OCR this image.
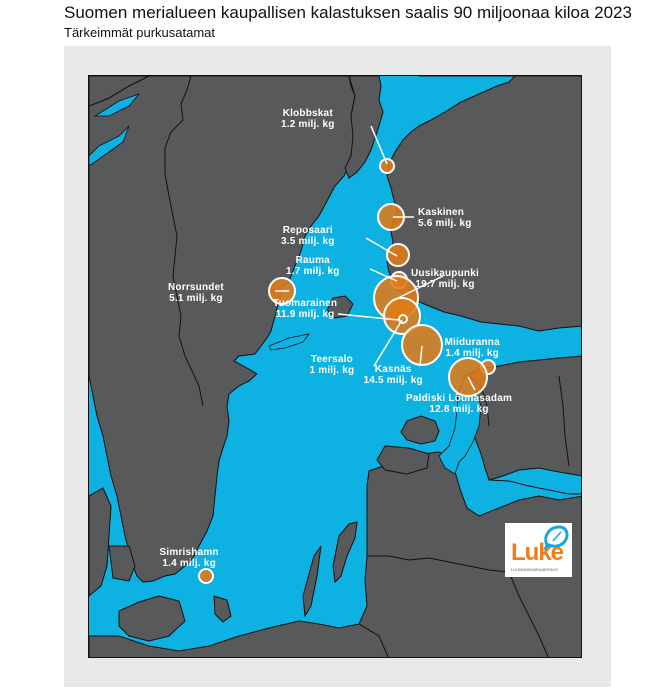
Suomen merialueen kaupallisen kalastuksen saalis 90 miljoonaa kiloa 2023
Tärkeimmät purkusatamat
Klobbskat
1.2 milj. kg
Kaskinen
5.6 milj. kg
Reposaari
3.5 milj. kg
Rauma
1.7 milj. kg	Uusikaupunki
19.7 milj. kg
Tuomarainen
11.9 milj. kg
Norrsundet
5.1 milj. kg
Teersalo
1 milj. kg	Kasnäs
14.5 milj. kg
Miiduranna
1.4 milj. kg
Paldiski Lõunasadam
12.8 milj. kg
Simrishamn
1.4 milj. kg	Luke
LUONNONVARAKESKUS
